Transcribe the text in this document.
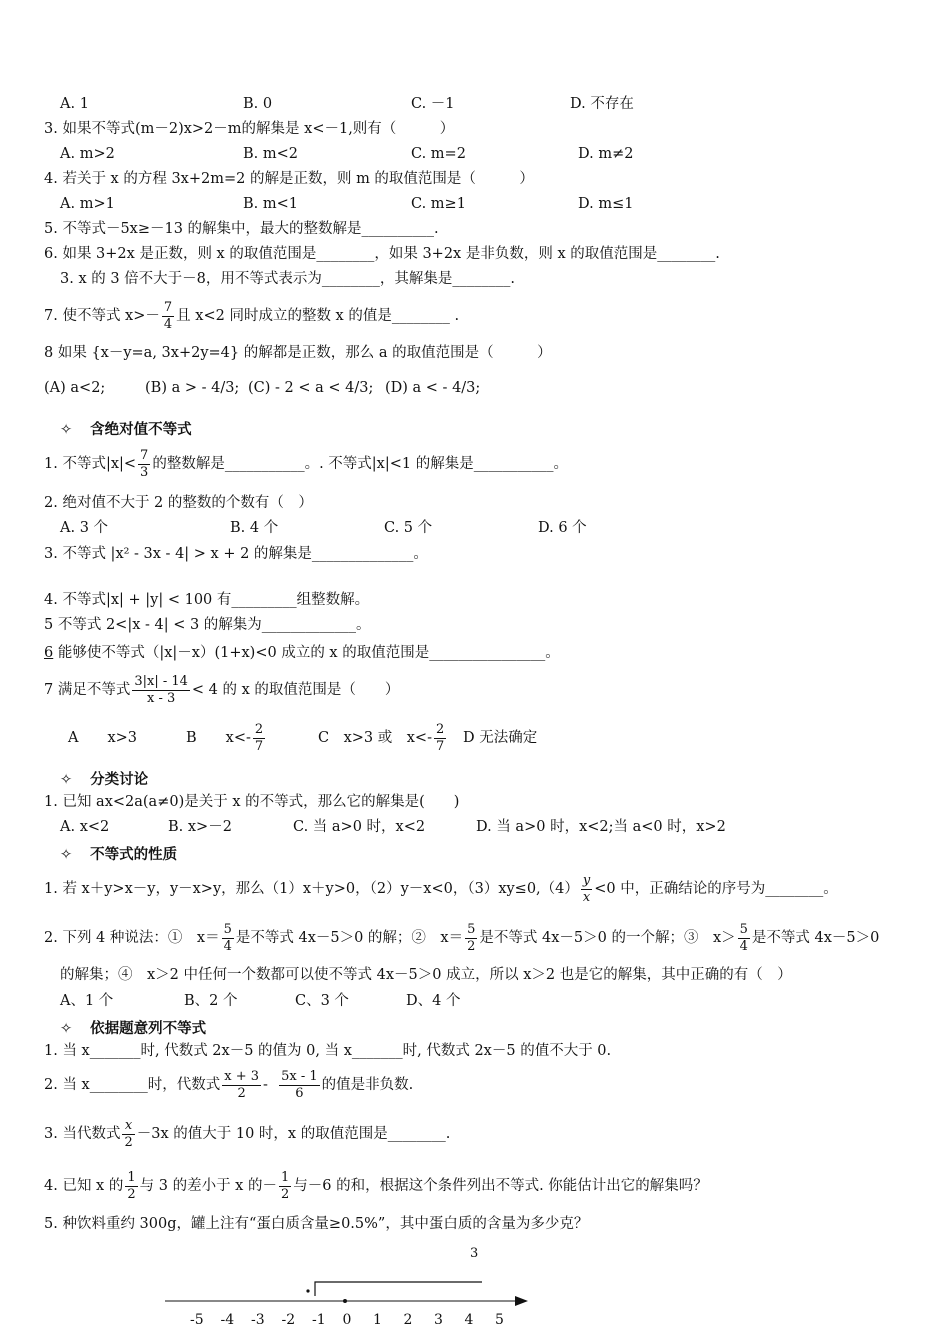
A. 1	B. 0	C. －1	D. 不存在
3. 如果不等式(m－2)x>2－m的解集是 x<－1,则有（　　　）
A. m>2	B. m<2	C. m=2	D. m≠2
4. 若关于 x 的方程 3x+2m=2 的解是正数，则 m 的取值范围是（　　　）
A. m>1	B. m<1	C. m≥1	D. m≤1
5. 不等式－5x≥－13 的解集中，最大的整数解是__________.
6. 如果 3+2x 是正数，则 x 的取值范围是________，如果 3+2x 是非负数，则 x 的取值范围是________.
3. x 的 3 倍不大于－8，用不等式表示为________，其解集是________.
7. 使不等式 $x>- \frac{7}{4}$ 且 x<2 同时成立的整数 x 的值是________ .
8 如果 {x－y=a, 3x+2y=4} 的解都是正数，那么 a 的取值范围是（　　　）
(A) a<2;	(B) a > - 4/3; (C) - 2 < a < 4/3; (D) a < - 4/3;
✧ 含绝对值不等式
1. 不等式$|x|< \frac{7}{3}$ 的整数解是___________。. 不等式|x|<1 的解集是___________。
2. 绝对值不大于 2 的整数的个数有（　）
A. 3 个	B. 4 个	C. 5 个	D. 6 个
3. 不等式 |x² - 3x - 4| > x + 2 的解集是______________。
4. 不等式|x| + |y| < 100 有_________组整数解。
5 不等式 2<|x - 4| < 3 的解集为_____________。
6 能够使不等式（|x|－x）(1+x)<0 成立的 x 的取值范围是________________。
7 满足不等式 $\frac{3|x| - 14}{x - 3} < 4$ 的 x 的取值范围是（　　）
A　　x>3	B　　$x<- \frac{2}{7}$	C　x>3 或　$x<- \frac{2}{7}$ D 无法确定
✧ 分类讨论
1. 已知 ax<2a(a≠0)是关于 x 的不等式，那么它的解集是(　　)
A. x<2	B. x>－2	C. 当 a>0 时，x<2	D. 当 a>0 时，x<2;当 a<0 时，x>2
✧ 不等式的性质
1. 若 x＋y>x－y，y－x>y，那么（1）x＋y>0，（2）y－x<0，$(3)xy\le 0,(4) \frac{y}{x} <0$ 中，正确结论的序号为________。
2. 下列 4 种说法：①　$x= \frac{5}{4}$ 是不等式 4x－5＞0 的解；②　$x= \frac{5}{2}$ 是不等式 4x－5＞0 的一个解；③　$x> \frac{5}{4}$ 是不等式 4x－5＞0
的解集；④　x＞2 中任何一个数都可以使不等式 4x－5＞0 成立，所以 x＞2 也是它的解集，其中正确的有（　）
A、1 个	B、2 个	C、3 个	D、4 个
✧ 依据题意列不等式
1. 当 x_______时, 代数式 2x－5 的值为 0, 当 x_______时, 代数式 2x－5 的值不大于 0.
2. 当 x________时，代数式 $\frac{x + 3}{2} - \frac{5x - 1}{6}$ 的值是非负数.
3. 当代数式 $\frac{x}{2} -3x$ 的值大于 10 时，x 的取值范围是________.
4. 已知 x 的 $\frac{1}{2}$ 与 3 的差小于 x 的－ $\frac{1}{2}$ 与－6 的和，根据这个条件列出不等式. 你能估计出它的解集吗？
5. 种饮料重约 300g，罐上注有“蛋白质含量≥0.5%”，其中蛋白质的含量为多少克？
3
-5 -4 -3 -2 -1 0 1 2 3 4 5
